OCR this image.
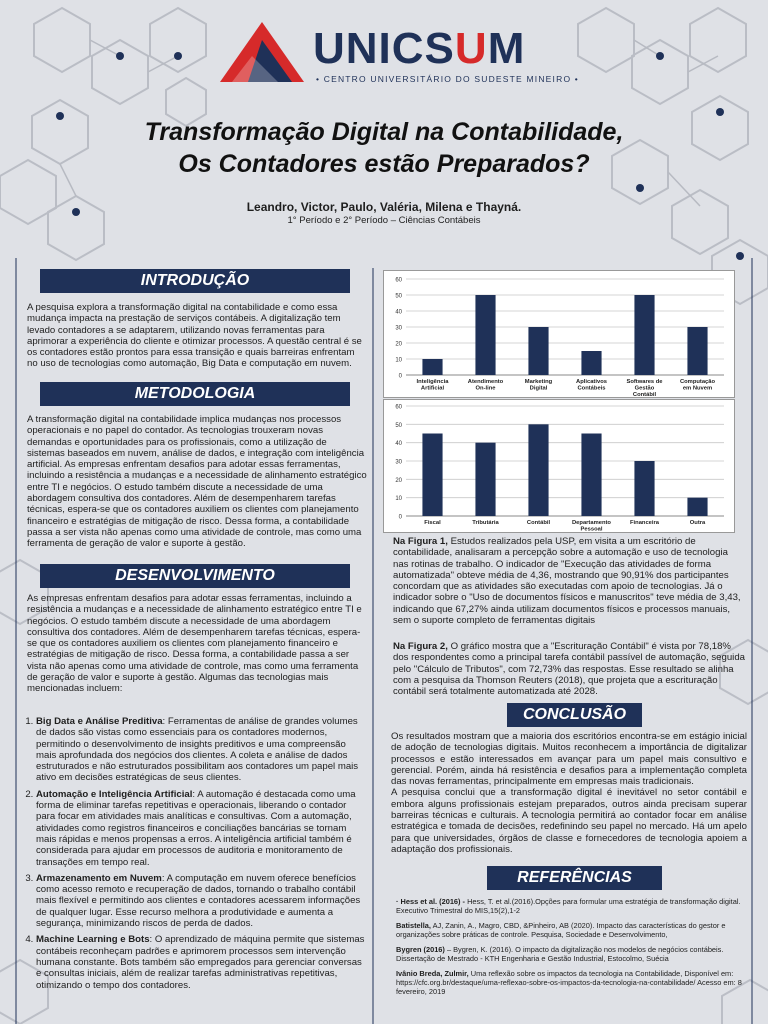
UNICSUM
• CENTRO UNIVERSITÁRIO DO SUDESTE MINEIRO •
Transformação Digital na Contabilidade,
Os Contadores estão Preparados?
Leandro, Victor, Paulo, Valéria, Milena e Thayná.
1° Período e 2° Período – Ciências Contábeis
INTRODUÇÃO
A pesquisa explora a transformação digital na contabilidade e como essa mudança impacta na prestação de serviços contábeis. A digitalização tem levado contadores a se adaptarem, utilizando novas ferramentas para aprimorar a experiência do cliente e otimizar processos. A questão central é se os contadores estão prontos para essa transição e quais barreiras enfrentam no uso de tecnologias como automação, Big Data e computação em nuvem.
METODOLOGIA
A transformação digital na contabilidade implica mudanças nos processos operacionais e no papel do contador. As tecnologias trouxeram novas demandas e oportunidades para os profissionais, como a utilização de sistemas baseados em nuvem, análise de dados, e integração com inteligência artificial. As empresas enfrentam desafios para adotar essas ferramentas, incluindo a resistência a mudanças e a necessidade de alinhamento estratégico entre TI e negócios. O estudo também discute a necessidade de uma abordagem consultiva dos contadores. Além de desempenharem tarefas técnicas, espera-se que os contadores auxiliem os clientes com planejamento financeiro e estratégias de mitigação de risco. Dessa forma, a contabilidade passa a ser vista não apenas como uma atividade de controle, mas como uma ferramenta de geração de valor e suporte à gestão.
DESENVOLVIMENTO
As empresas enfrentam desafios para adotar essas ferramentas, incluindo a resistência a mudanças e a necessidade de alinhamento estratégico entre TI e negócios. O estudo também discute a necessidade de uma abordagem consultiva dos contadores. Além de desempenharem tarefas técnicas, espera-se que os contadores auxiliem os clientes com planejamento financeiro e estratégias de mitigação de risco. Dessa forma, a contabilidade passa a ser vista não apenas como uma atividade de controle, mas como uma ferramenta de geração de valor e suporte à gestão. Algumas das tecnologias mais mencionadas incluem:
1. Big Data e Análise Preditiva: Ferramentas de análise de grandes volumes de dados são vistas como essenciais para os contadores modernos, permitindo o desenvolvimento de insights preditivos e uma compreensão mais aprofundada dos negócios dos clientes. A coleta e análise de dados estruturados e não estruturados possibilitam aos contadores um papel mais ativo em decisões estratégicas de seus clientes.
2. Automação e Inteligência Artificial: A automação é destacada como uma forma de eliminar tarefas repetitivas e operacionais, liberando o contador para focar em atividades mais analíticas e consultivas. Com a automação, atividades como registros financeiros e conciliações bancárias se tornam mais rápidas e menos propensas a erros. A inteligência artificial também é considerada para ajudar em processos de auditoria e monitoramento de transações em tempo real.
3. Armazenamento em Nuvem: A computação em nuvem oferece benefícios como acesso remoto e recuperação de dados, tornando o trabalho contábil mais flexível e permitindo aos clientes e contadores acessarem informações de qualquer lugar. Esse recurso melhora a produtividade e aumenta a segurança, minimizando riscos de perda de dados.
4. Machine Learning e Bots: O aprendizado de máquina permite que sistemas contábeis reconheçam padrões e aprimorem processos sem intervenção humana constante. Bots também são empregados para gerenciar conversas e consultas iniciais, além de realizar tarefas administrativas repetitivas, otimizando o tempo dos contadores.
0
10
20
30
40
50
60
Inteligência Artificial
Atendimento On-line
Marketing Digital
Aplicativos Contábeis
Softwares de Gestão Contábil
Computação em Nuvem
0
10
20
30
40
50
60
Fiscal	Tributária	Contábil	Departamento Pessoal
Financeira	Outra
Na Figura 1, Estudos realizados pela USP, em visita a um escritório de contabilidade, analisaram a percepção sobre a automação e uso de tecnologia nas rotinas de trabalho. O indicador de "Execução das atividades de forma automatizada" obteve média de 4,36, mostrando que 90,91% dos participantes concordam que as atividades são executadas com apoio de tecnologias. Já o indicador sobre o "Uso de documentos físicos e manuscritos" teve média de 3,43, indicando que 67,27% ainda utilizam documentos físicos e processos manuais, sem o suporte completo de ferramentas digitais
Na Figura 2, O gráfico mostra que a "Escrituração Contábil" é vista por 78,18% dos respondentes como a principal tarefa contábil passível de automação, seguida pelo "Cálculo de Tributos", com 72,73% das respostas. Esse resultado se alinha com a pesquisa da Thomson Reuters (2018), que projeta que a escrituração contábil será totalmente automatizada até 2028.
CONCLUSÃO
Os resultados mostram que a maioria dos escritórios encontra-se em estágio inicial de adoção de tecnologias digitais. Muitos reconhecem a importância de digitalizar processos e estão interessados em avançar para um papel mais consultivo e gerencial. Porém, ainda há resistência e desafios para a implementação completa das novas ferramentas, principalmente em empresas mais tradicionais.
A pesquisa conclui que a transformação digital é inevitável no setor contábil e embora alguns profissionais estejam preparados, outros ainda precisam superar barreiras técnicas e culturais. A tecnologia permitirá ao contador focar em análise estratégica e tomada de decisões, redefinindo seu papel no mercado. Há um apelo para que universidades, órgãos de classe e fornecedores de tecnologia apoiem a adaptação dos profissionais.
REFERÊNCIAS

· Hess et al. (2016) - Hess, T. et al.(2016).Opções para formular uma estratégia de transformação digital. Executivo Trimestral do MIS,15(2),1-2

Batistella, AJ, Zanin, A., Magro, CBD, &Pinheiro, AB (2020). Impacto das características do gestor e organizações sobre práticas de controle. Pesquisa, Sociedade e Desenvolvimento,

Bygren (2016) – Bygren, K. (2016). O impacto da digitalização nos modelos de negócios contábeis. Dissertação de Mestrado - KTH Engenharia e Gestão Industrial, Estocolmo, Suécia

Ivânio Breda, Zulmir, Uma reflexão sobre os impactos da tecnologia na Contabilidade, Disponível em: https://cfc.org.br/destaque/uma-reflexao-sobre-os-impactos-da-tecnologia-na-contabilidade/ Acesso em: 8 fevereiro, 2019
